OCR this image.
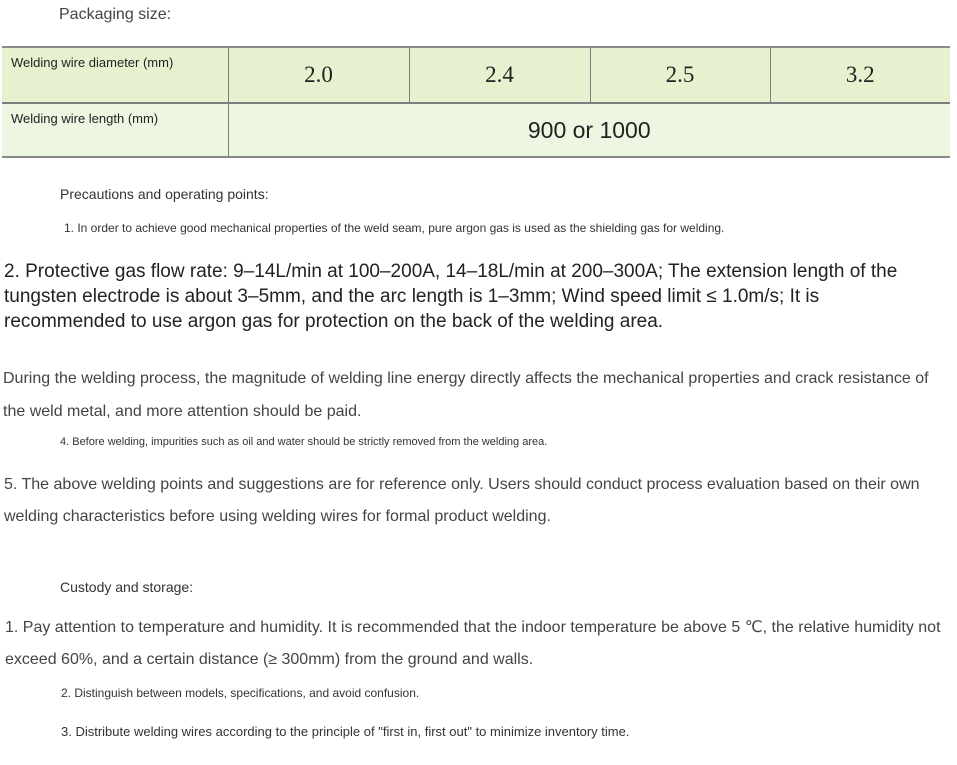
Packaging size:
Welding wire diameter (mm)	2.0	2.4	2.5	3.2
Welding wire length (mm)	900 or 1000			
Precautions and operating points:
1. In order to achieve good mechanical properties of the weld seam, pure argon gas is used as the shielding gas for welding.
2. Protective gas flow rate: 9–14L/min at 100–200A, 14–18L/min at 200–300A; The extension length of the tungsten electrode is about 3–5mm, and the arc length is 1–3mm; Wind speed limit ≤ 1.0m/s; It is recommended to use argon gas for protection on the back of the welding area.
During the welding process, the magnitude of welding line energy directly affects the mechanical properties and crack resistance of the weld metal, and more attention should be paid.
4. Before welding, impurities such as oil and water should be strictly removed from the welding area.
5. The above welding points and suggestions are for reference only. Users should conduct process evaluation based on their own welding characteristics before using welding wires for formal product welding.
Custody and storage:
1. Pay attention to temperature and humidity. It is recommended that the indoor temperature be above 5 ℃, the relative humidity not exceed 60%, and a certain distance (≥ 300mm) from the ground and walls.
2. Distinguish between models, specifications, and avoid confusion.
3. Distribute welding wires according to the principle of "first in, first out" to minimize inventory time.
